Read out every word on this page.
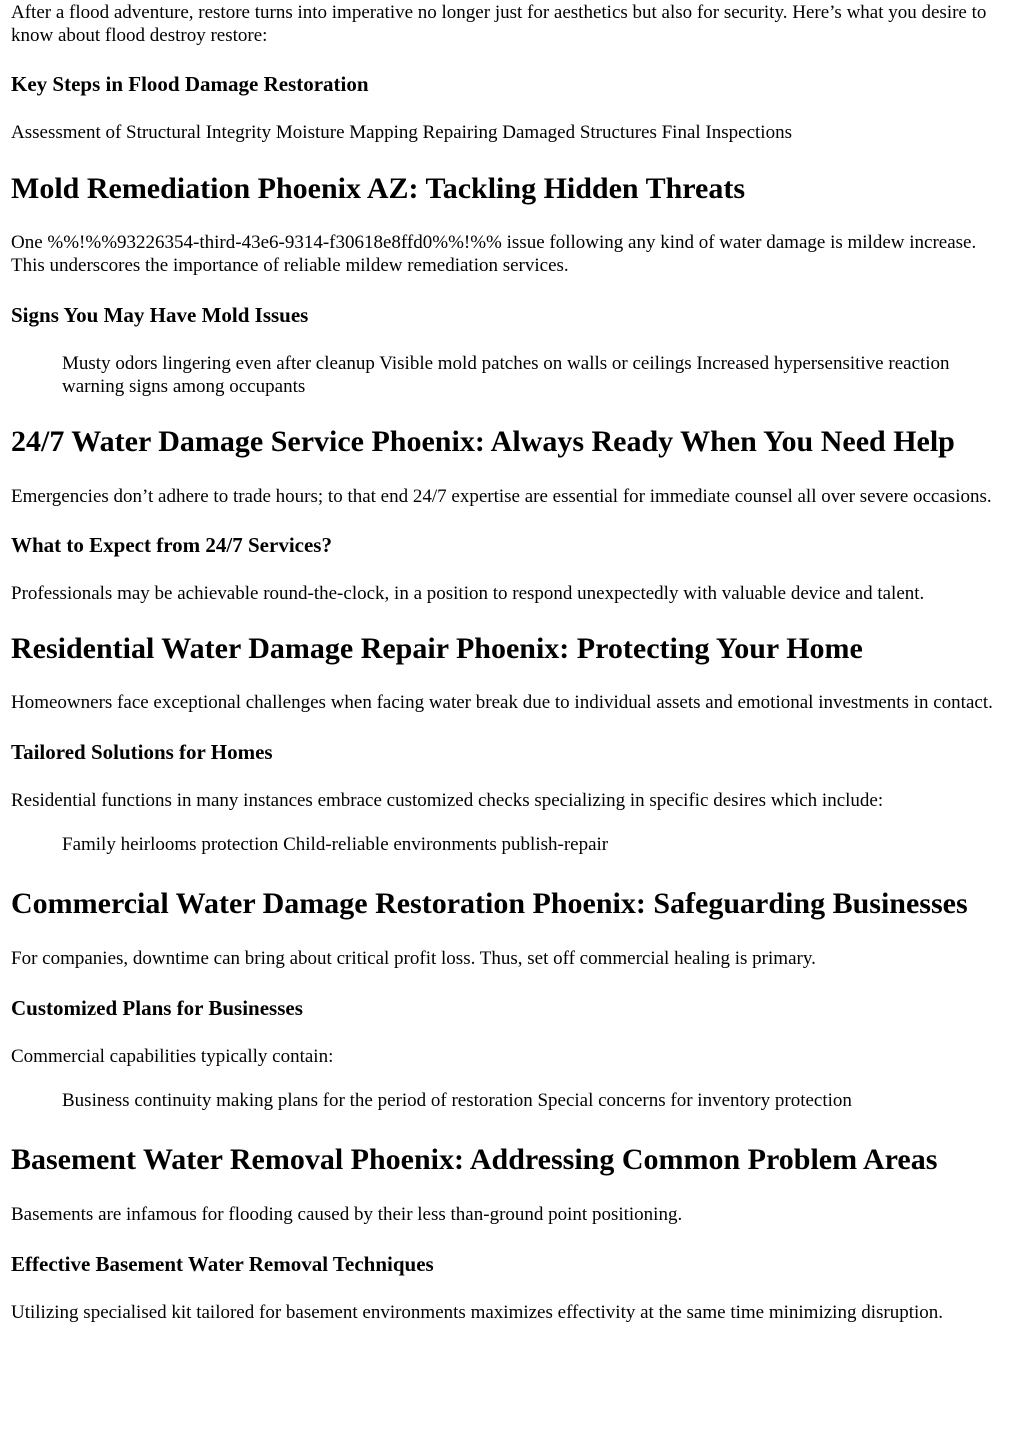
After a flood adventure, restore turns into imperative no longer just for aesthetics but also for security. Here’s what you desire to know about flood destroy restore:

Key Steps in Flood Damage Restoration

Assessment of Structural Integrity Moisture Mapping Repairing Damaged Structures Final Inspections

Mold Remediation Phoenix AZ: Tackling Hidden Threats

One %%!%%93226354-third-43e6-9314-f30618e8ffd0%%!%% issue following any kind of water damage is mildew increase. This underscores the importance of reliable mildew remediation services.

Signs You May Have Mold Issues

Musty odors lingering even after cleanup Visible mold patches on walls or ceilings Increased hypersensitive reaction warning signs among occupants

24/7 Water Damage Service Phoenix: Always Ready When You Need Help

Emergencies don’t adhere to trade hours; to that end 24/7 expertise are essential for immediate counsel all over severe occasions.

What to Expect from 24/7 Services?

Professionals may be achievable round-the-clock, in a position to respond unexpectedly with valuable device and talent.

Residential Water Damage Repair Phoenix: Protecting Your Home

Homeowners face exceptional challenges when facing water break due to individual assets and emotional investments in contact.

Tailored Solutions for Homes

Residential functions in many instances embrace customized checks specializing in specific desires which include:

Family heirlooms protection Child-reliable environments publish-repair

Commercial Water Damage Restoration Phoenix: Safeguarding Businesses

For companies, downtime can bring about critical profit loss. Thus, set off commercial healing is primary.

Customized Plans for Businesses

Commercial capabilities typically contain:

Business continuity making plans for the period of restoration Special concerns for inventory protection

Basement Water Removal Phoenix: Addressing Common Problem Areas

Basements are infamous for flooding caused by their less than-ground point positioning.

Effective Basement Water Removal Techniques

Utilizing specialised kit tailored for basement environments maximizes effectivity at the same time minimizing disruption.
